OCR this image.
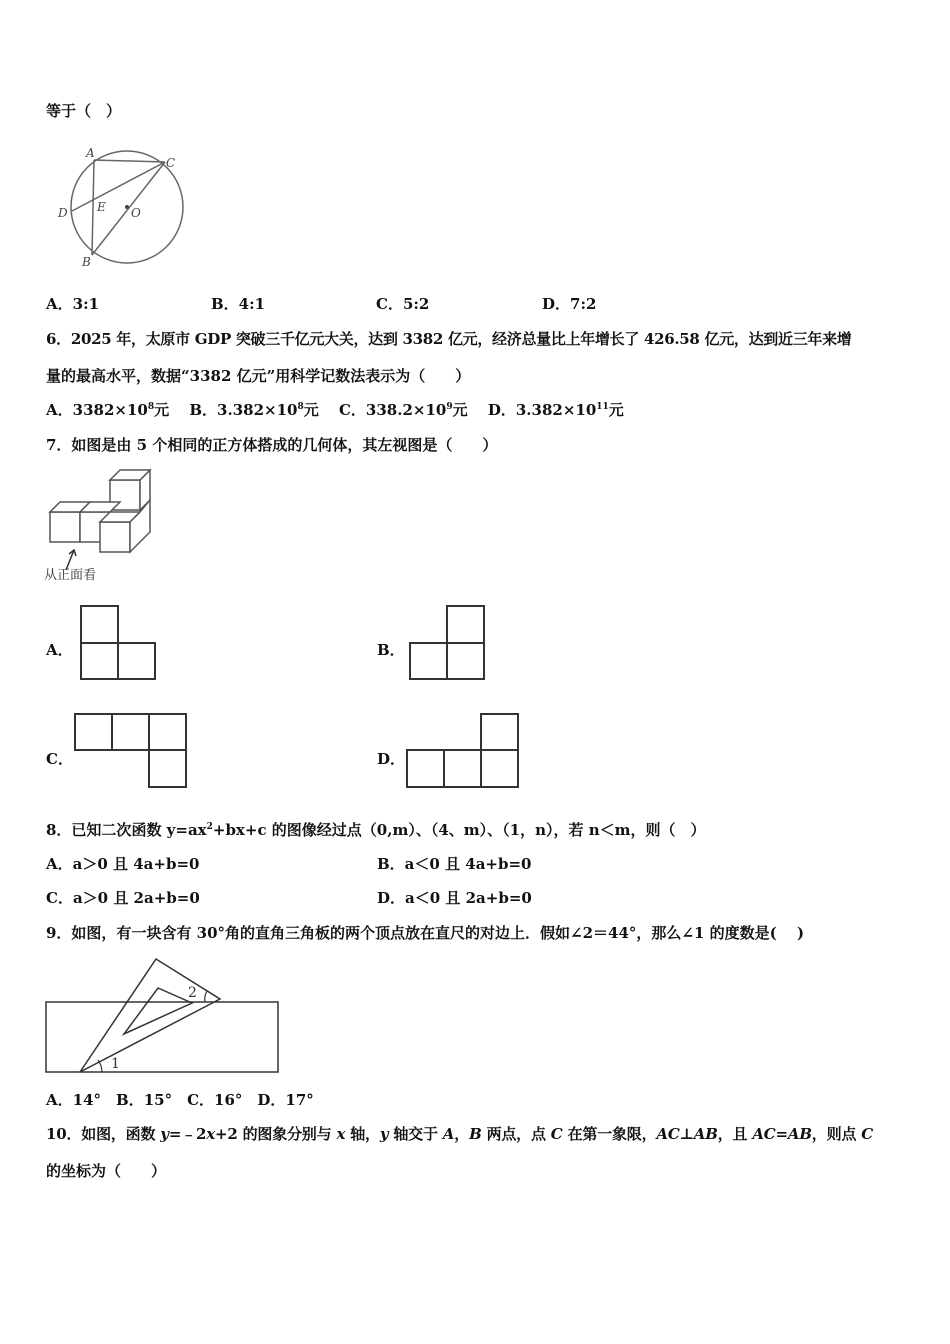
等于（　）
A
C
D E O
B
A．3:1	B．4:1	C．5:2	D．7:2
6．2025 年，太原市 GDP 突破三千亿元大关，达到 3382 亿元，经济总量比上年增长了 426.58 亿元，达到近三年来增
量的最高水平，数据“3382 亿元”用科学记数法表示为（　　）
A．$3382\times 10^8$元　 B．$3.382\times 10^8$元　 C．$338.2\times 10^9$元　 D．$3.382\times 10^{11}$元
7．如图是由 5 个相同的正方体搭成的几何体，其左视图是（　　）
从正面看
A．	B．
C．	D．
8．已知二次函数 $y=ax^2+bx+c$ 的图像经过点（0,m）、（4、m）、（1，n），若 n＜m，则（　）
A．a＞0 且 4a+b=0	B．a＜0 且 4a+b=0
C．a＞0 且 2a+b=0	D．a＜0 且 2a+b=0
9．如图，有一块含有 30°角的直角三角板的两个顶点放在直尺的对边上．假如∠2＝44°，那么∠1 的度数是(　 )
1
2
A．14°　B．15°　C．16°　D．17°
10．如图，函数 y=﹣2x+2 的图象分别与 x 轴，y 轴交于 A，B 两点，点 C 在第一象限，AC⊥AB，且 AC=AB，则点 C
的坐标为（　　）
